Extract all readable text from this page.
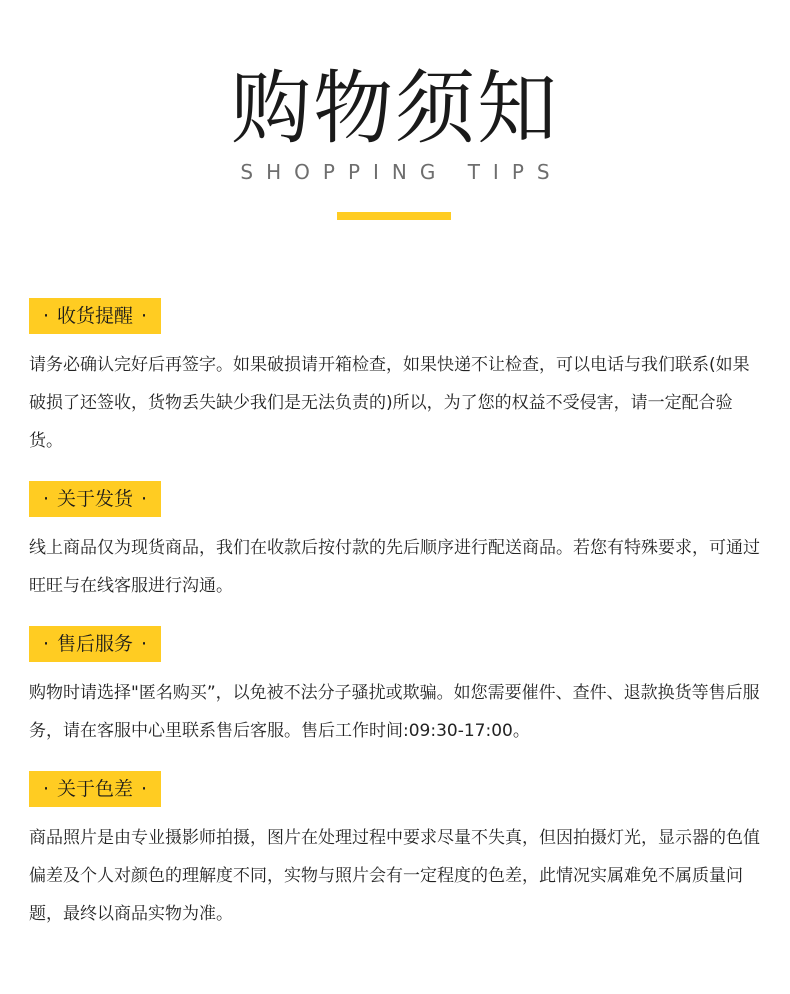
购物须知
SHOPPING TIPS
· 收货提醒 ·
请务必确认完好后再签字。如果破损请开箱检查，如果快递不让检查，可以电话与我们联系(如果破损了还签收，货物丢失缺少我们是无法负责的)所以，为了您的权益不受侵害，请一定配合验货。
· 关于发货 ·
线上商品仅为现货商品，我们在收款后按付款的先后顺序进行配送商品。若您有特殊要求，可通过旺旺与在线客服进行沟通。
· 售后服务 ·
购物时请选择"匿名购买”，以免被不法分子骚扰或欺骗。如您需要催件、查件、退款换货等售后服务，请在客服中心里联系售后客服。售后工作时间:09:30-17:00。
· 关于色差 ·
商品照片是由专业摄影师拍摄，图片在处理过程中要求尽量不失真，但因拍摄灯光，显示器的色值偏差及个人对颜色的理解度不同，实物与照片会有一定程度的色差，此情况实属难免不属质量问题，最终以商品实物为准。
